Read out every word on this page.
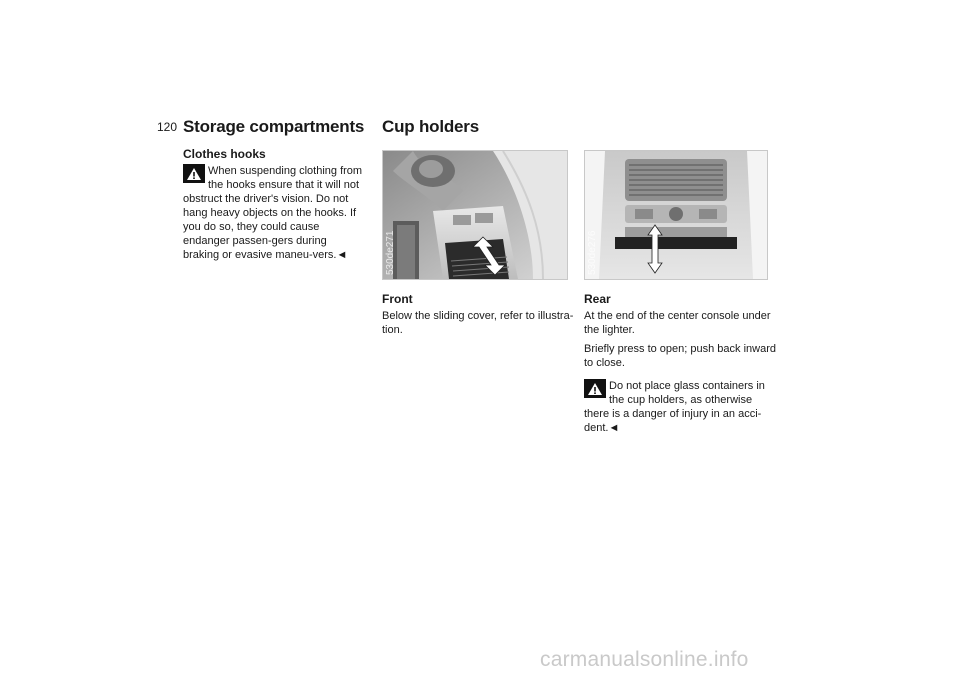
120 Storage compartments Cup holders
Clothes hooks
When suspending clothing from
the hooks ensure that it will not

obstruct the driver's vision. Do not hang heavy objects on the hooks. If you do so, they could cause endanger passen-gers during braking or evasive maneu-vers.◄	530de271
Front

Below the sliding cover, refer to illustra-tion.

530de276
Rear

At the end of the center console under the lighter.

Briefly press to open; push back inward to close.

Do not place glass containers in
the cup holders, as otherwise

there is a danger of injury in an acci-dent.◄

carmanualsonline.info
